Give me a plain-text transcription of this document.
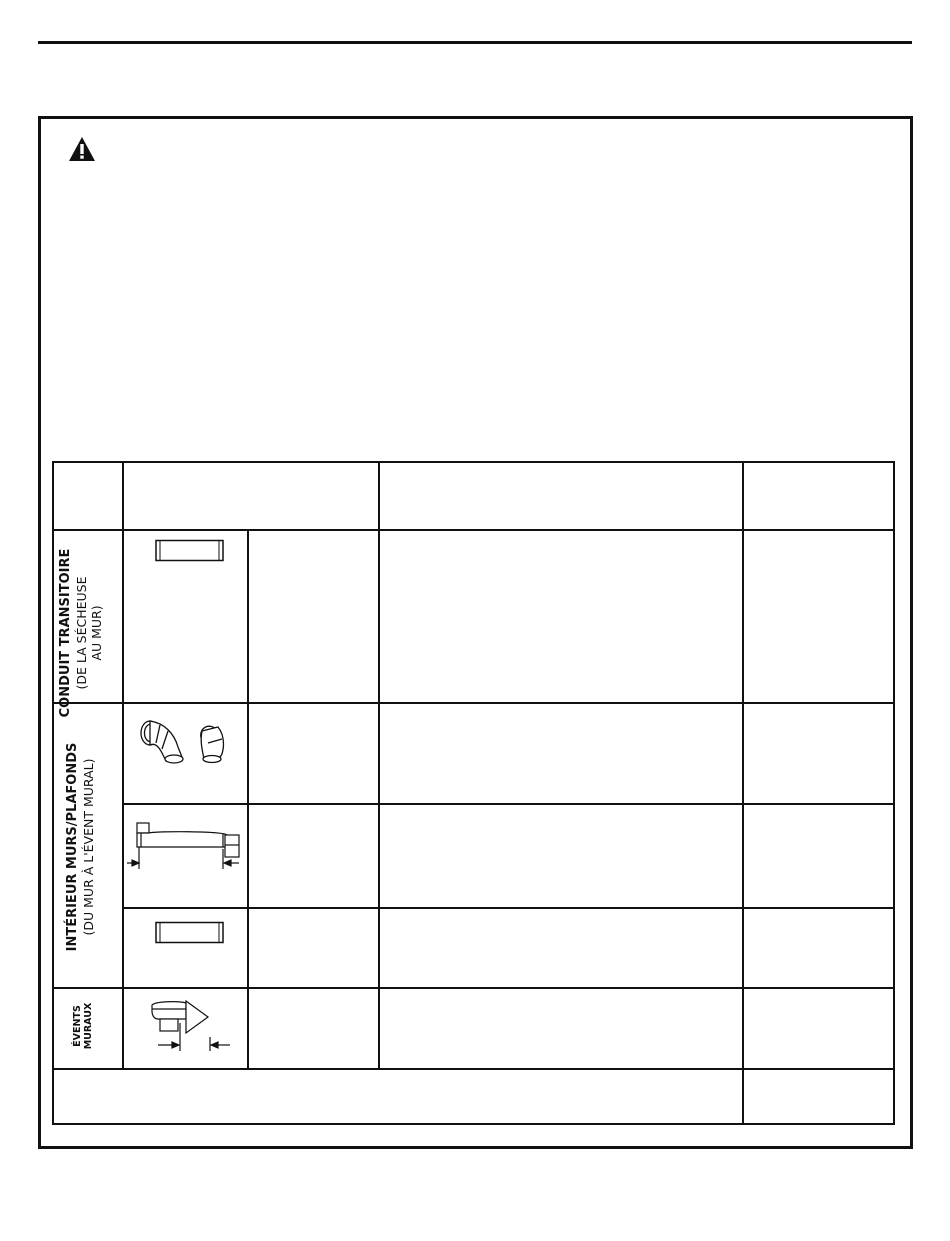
CONDUIT TRANSITOIRE (DE LA SÉCHEUSE AU MUR)
INTÉRIEUR MURS/PLAFONDS (DU MUR À L'ÉVENT MURAL)
ÉVENTS MURAUX
